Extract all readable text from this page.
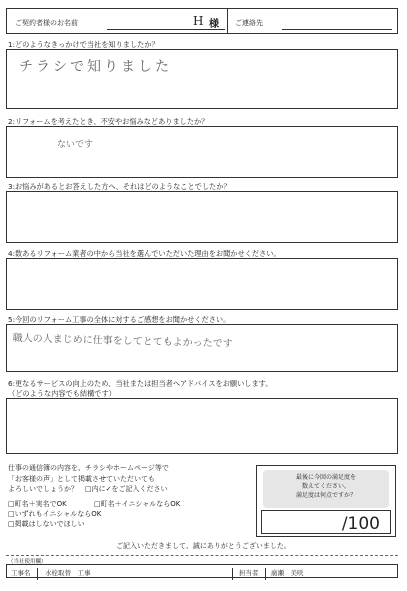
ご契約者様のお名前	H 様 ご連絡先
1:どのようなきっかけで当社を知りましたか？
チラシで知りました
2:リフォームを考えたとき、不安やお悩みなどありましたか？
ないです
3:お悩みがあるとお答えした方へ、それはどのようなことでしたか？
4:数あるリフォーム業者の中から当社を選んでいただいた理由をお聞かせください。
5:今回のリフォーム工事の全体に対するご感想をお聞かせください。
職人の人まじめに仕事をしてとてもよかったです
6:更なるサービスの向上のため、当社または担当者へアドバイスをお願いします。
（どのような内容でも結構です）
仕事の通信簿の内容を、チラシやホームページ等で
「お客様の声」として掲載させていただいても
よろしいでしょうか？　□内に✓をご記入ください
□町名＋実名でOK	□町名＋イニシャルならOK
□いずれもイニシャルならOK
□掲載はしないでほしい
最後に今回の満足度を
数えてください。
満足度は何点ですか？
/100
ご記入いただきまして、誠にありがとうございました。
（当社使用欄）
工事名 水栓取替　工事	担当者 廣瀬　美咲
